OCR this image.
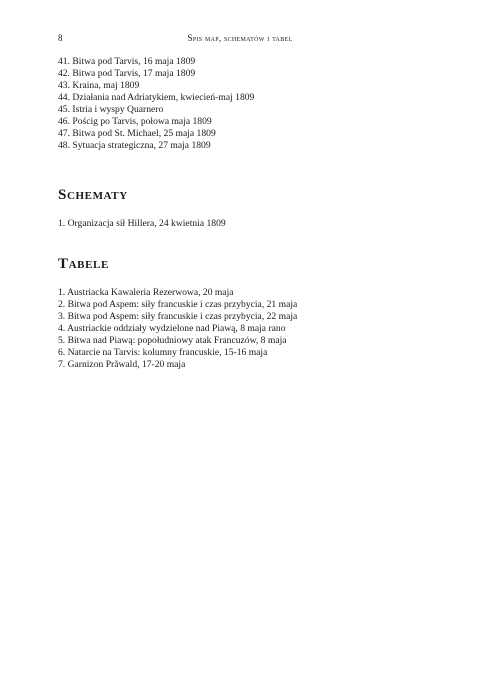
8	Spis map, schematów i tabel
41. Bitwa pod Tarvis, 16 maja 1809
42. Bitwa pod Tarvis, 17 maja 1809
43. Kraina, maj 1809
44. Działania nad Adriatykiem, kwiecień-maj 1809
45. Istria i wyspy Quarnero
46. Pościg po Tarvis, połowa maja 1809
47. Bitwa pod St. Michael, 25 maja 1809
48. Sytuacja strategiczna, 27 maja 1809
Schematy
1. Organizacja sił Hillera, 24 kwietnia 1809
Tabele
1. Austriacka Kawaleria Rezerwowa, 20 maja
2. Bitwa pod Aspem: siły francuskie i czas przybycia, 21 maja
3. Bitwa pod Aspem: siły francuskie i czas przybycia, 22 maja
4. Austriackie oddziały wydzielone nad Piawą, 8 maja rano
5. Bitwa nad Piawą: popołudniowy atak Francuzów, 8 maja
6. Natarcie na Tarvis: kolumny francuskie, 15-16 maja
7. Garnizon Prãwald, 17-20 maja
